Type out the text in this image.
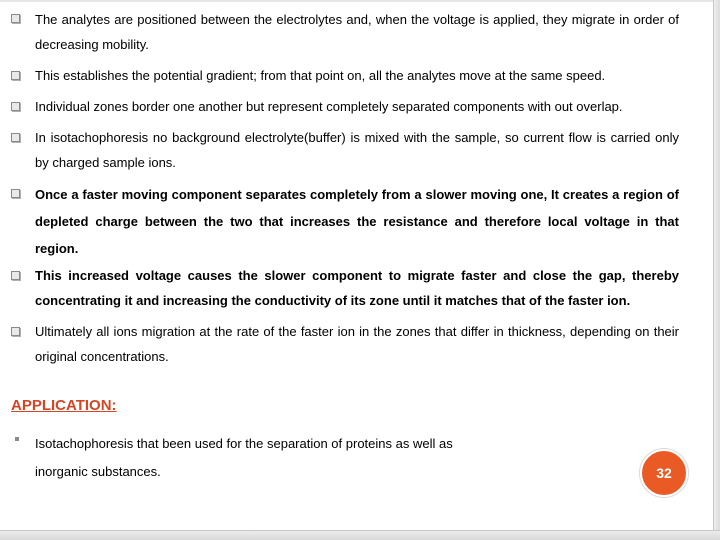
The analytes are positioned between the electrolytes and, when the voltage is applied, they migrate in order of decreasing mobility.
This establishes the potential gradient; from that point on, all the analytes move at the same speed.
Individual zones border one another but represent completely separated components with out overlap.
In isotachophoresis no background electrolyte(buffer) is mixed with the sample, so current flow is carried only by charged sample ions.
Once a faster moving component separates completely from a slower moving one, It creates a region of depleted charge between the two that increases the resistance and therefore local voltage in that region.
This increased voltage causes the slower component to migrate faster and close the gap, thereby concentrating it and increasing the conductivity of its zone until it matches that of the faster ion.
Ultimately all ions migration at the rate of the faster ion in the zones that differ in thickness, depending on their original concentrations.
APPLICATION:
Isotachophoresis that been used for the separation of proteins as well as inorganic substances.	32
